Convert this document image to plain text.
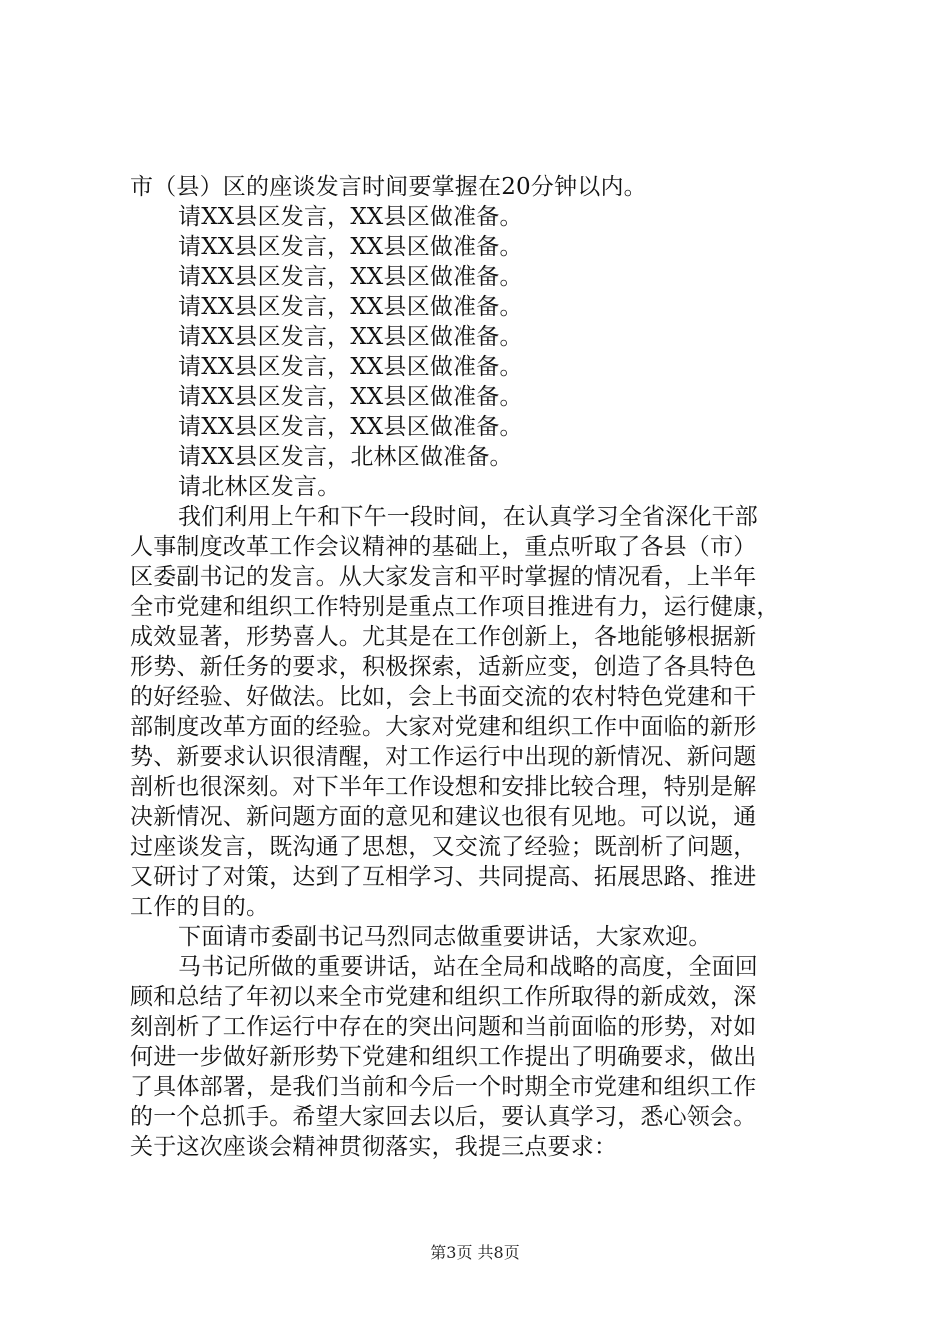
市（县）区的座谈发言时间要掌握在20分钟以内。
请XX县区发言，XX县区做准备。
请XX县区发言，XX县区做准备。
请XX县区发言，XX县区做准备。
请XX县区发言，XX县区做准备。
请XX县区发言，XX县区做准备。
请XX县区发言，XX县区做准备。
请XX县区发言，XX县区做准备。
请XX县区发言，XX县区做准备。
请XX县区发言，北林区做准备。
请北林区发言。
我们利用上午和下午一段时间，在认真学习全省深化干部
人事制度改革工作会议精神的基础上，重点听取了各县（市）
区委副书记的发言。从大家发言和平时掌握的情况看，上半年
全市党建和组织工作特别是重点工作项目推进有力，运行健康，
成效显著，形势喜人。尤其是在工作创新上，各地能够根据新
形势、新任务的要求，积极探索，适新应变，创造了各具特色
的好经验、好做法。比如，会上书面交流的农村特色党建和干
部制度改革方面的经验。大家对党建和组织工作中面临的新形
势、新要求认识很清醒，对工作运行中出现的新情况、新问题
剖析也很深刻。对下半年工作设想和安排比较合理，特别是解
决新情况、新问题方面的意见和建议也很有见地。可以说，通
过座谈发言，既沟通了思想，又交流了经验；既剖析了问题，
又研讨了对策，达到了互相学习、共同提高、拓展思路、推进
工作的目的。
下面请市委副书记马烈同志做重要讲话，大家欢迎。
马书记所做的重要讲话，站在全局和战略的高度，全面回
顾和总结了年初以来全市党建和组织工作所取得的新成效，深
刻剖析了工作运行中存在的突出问题和当前面临的形势，对如
何进一步做好新形势下党建和组织工作提出了明确要求，做出
了具体部署，是我们当前和今后一个时期全市党建和组织工作
的一个总抓手。希望大家回去以后，要认真学习，悉心领会。
关于这次座谈会精神贯彻落实，我提三点要求：
第3页 共8页
